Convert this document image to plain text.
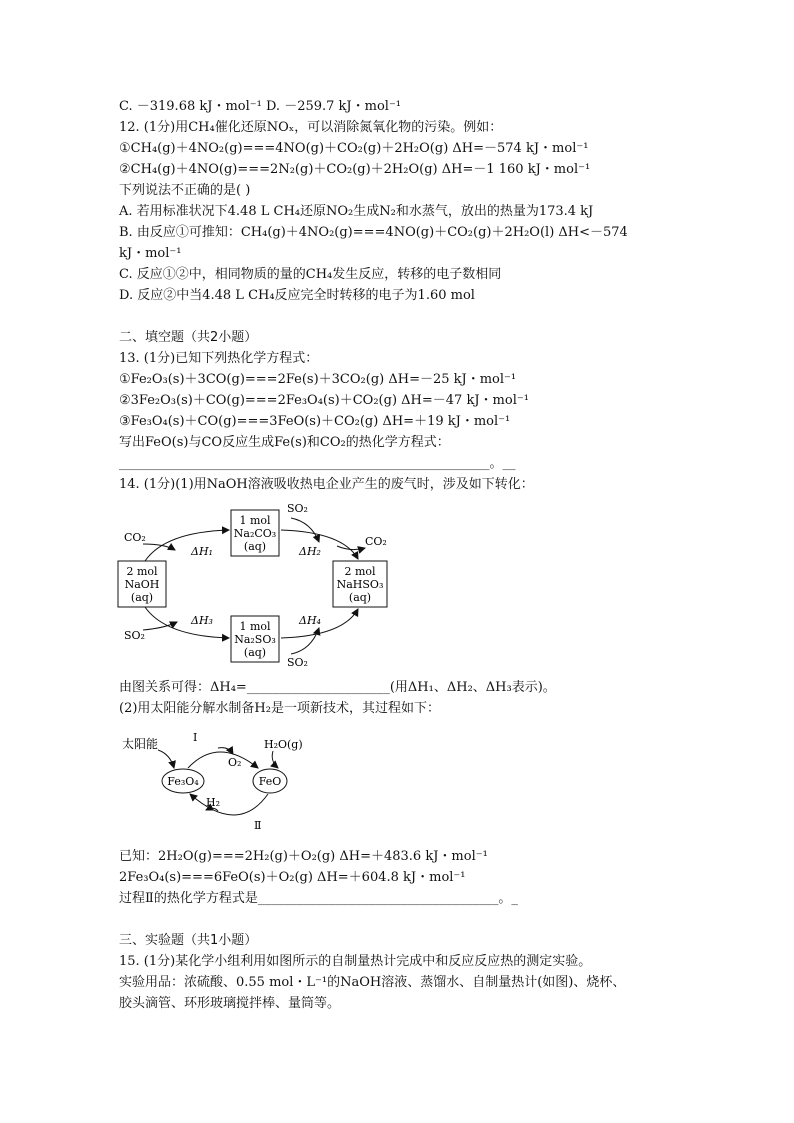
C. －319.68 kJ・mol⁻¹ D. －259.7 kJ・mol⁻¹
12. (1分)用CH₄催化还原NOₓ，可以消除氮氧化物的污染。例如：
①CH₄(g)＋4NO₂(g)===4NO(g)＋CO₂(g)＋2H₂O(g) ΔH=－574 kJ・mol⁻¹
②CH₄(g)＋4NO(g)===2N₂(g)＋CO₂(g)＋2H₂O(g) ΔH=－1 160 kJ・mol⁻¹
下列说法不正确的是( )
A. 若用标准状况下4.48 L CH₄还原NO₂生成N₂和水蒸气，放出的热量为173.4 kJ
B. 由反应①可推知：CH₄(g)＋4NO₂(g)===4NO(g)＋CO₂(g)＋2H₂O(l) ΔH<－574
kJ・mol⁻¹
C. 反应①②中，相同物质的量的CH₄发生反应，转移的电子数相同
D. 反应②中当4.48 L CH₄反应完全时转移的电子为1.60 mol
二、填空题（共2小题）
13. (1分)已知下列热化学方程式：
①Fe₂O₃(s)＋3CO(g)===2Fe(s)＋3CO₂(g) ΔH=－25 kJ・mol⁻¹
②3Fe₂O₃(s)＋CO(g)===2Fe₃O₄(s)＋CO₂(g) ΔH=－47 kJ・mol⁻¹
③Fe₃O₄(s)＋CO(g)===3FeO(s)＋CO₂(g) ΔH=＋19 kJ・mol⁻¹
写出FeO(s)与CO反应生成Fe(s)和CO₂的热化学方程式：
_________________________________________________________。__
14. (1分)(1)用NaOH溶液吸收热电企业产生的废气时，涉及如下转化：
1 mol
Na₂CO₃
(aq)
2 mol
NaOH
(aq)
2 mol
NaHSO₃
(aq)
1 mol
Na₂SO₃
(aq)
CO₂	CO₂
SO₂
SO₂
SO₂
ΔH₁	ΔH₂
ΔH₃	ΔH₄
由图关系可得：ΔH₄=______________________(用ΔH₁、ΔH₂、ΔH₃表示)。
(2)用太阳能分解水制备H₂是一项新技术，其过程如下：
Fe₃O₄	FeO
太阳能	Ⅰ
O₂
H₂O(g)
H₂
Ⅱ
已知：2H₂O(g)===2H₂(g)＋O₂(g) ΔH=＋483.6 kJ・mol⁻¹
2Fe₃O₄(s)===6FeO(s)＋O₂(g) ΔH=＋604.8 kJ・mol⁻¹
过程Ⅱ的热化学方程式是_____________________________________。_
三、实验题（共1小题）
15. (1分)某化学小组利用如图所示的自制量热计完成中和反应反应热的测定实验。
实验用品：浓硫酸、0.55 mol・L⁻¹的NaOH溶液、蒸馏水、自制量热计(如图)、烧杯、
胶头滴管、环形玻璃搅拌棒、量筒等。
